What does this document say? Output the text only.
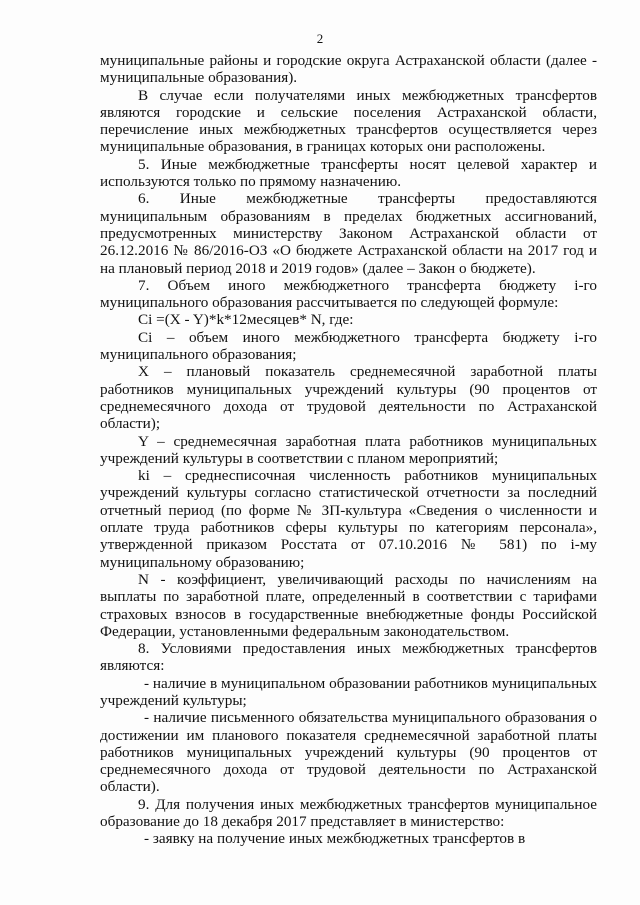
2

муниципальные районы и городские округа Астраханской области (далее - муниципальные образования).

В случае если получателями иных межбюджетных трансфертов являются городские и сельские поселения Астраханской области, перечисление иных межбюджетных трансфертов осуществляется через муниципальные образования, в границах которых они расположены.

5. Иные межбюджетные трансферты носят целевой характер и используются только по прямому назначению.

6. Иные межбюджетные трансферты предоставляются муниципальным образованиям в пределах бюджетных ассигнований, предусмотренных министерству Законом Астраханской области от 26.12.2016 № 86/2016-ОЗ «О бюджете Астраханской области на 2017 год и на плановый период 2018 и 2019 годов» (далее – Закон о бюджете).

7. Объем иного межбюджетного трансферта бюджету i-го муниципального образования рассчитывается по следующей формуле:

Ci =(X - Y)*k*12месяцев* N, где:

Ci – объем иного межбюджетного трансферта бюджету i-го муниципального образования;

X – плановый показатель среднемесячной заработной платы работников муниципальных учреждений культуры (90 процентов от среднемесячного дохода от трудовой деятельности по Астраханской области);

Y – среднемесячная заработная плата работников муниципальных учреждений культуры в соответствии с планом мероприятий;

ki – среднесписочная численность работников муниципальных учреждений культуры согласно статистической отчетности за последний отчетный период (по форме № ЗП-культура «Сведения о численности и оплате труда работников сферы культуры по категориям персонала», утвержденной приказом Росстата от 07.10.2016 № 581) по i-му муниципальному образованию;

N - коэффициент, увеличивающий расходы по начислениям на выплаты по заработной плате, определенный в соответствии с тарифами страховых взносов в государственные внебюджетные фонды Российской Федерации, установленными федеральным законодательством.

8. Условиями предоставления иных межбюджетных трансфертов являются:

- наличие в муниципальном образовании работников муниципальных учреждений культуры;

- наличие письменного обязательства муниципального образования о достижении им планового показателя среднемесячной заработной платы работников муниципальных учреждений культуры (90 процентов от среднемесячного дохода от трудовой деятельности по Астраханской области).

9. Для получения иных межбюджетных трансфертов муниципальное образование до 18 декабря 2017 представляет в министерство:

- заявку на получение иных межбюджетных трансфертов в
